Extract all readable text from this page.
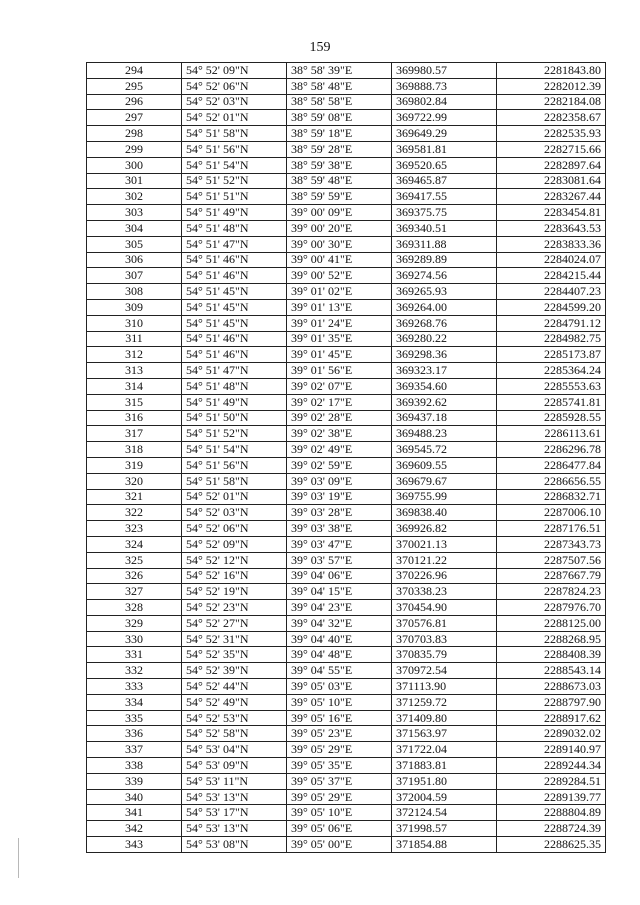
159
294	54° 52' 09"N	38° 58' 39"E	369980.57	2281843.80
295	54° 52' 06"N	38° 58' 48"E	369888.73	2282012.39
296	54° 52' 03"N	38° 58' 58"E	369802.84	2282184.08
297	54° 52' 01"N	38° 59' 08"E	369722.99	2282358.67
298	54° 51' 58"N	38° 59' 18"E	369649.29	2282535.93
299	54° 51' 56"N	38° 59' 28"E	369581.81	2282715.66
300	54° 51' 54"N	38° 59' 38"E	369520.65	2282897.64
301	54° 51' 52"N	38° 59' 48"E	369465.87	2283081.64
302	54° 51' 51"N	38° 59' 59"E	369417.55	2283267.44
303	54° 51' 49"N	39° 00' 09"E	369375.75	2283454.81
304	54° 51' 48"N	39° 00' 20"E	369340.51	2283643.53
305	54° 51' 47"N	39° 00' 30"E	369311.88	2283833.36
306	54° 51' 46"N	39° 00' 41"E	369289.89	2284024.07
307	54° 51' 46"N	39° 00' 52"E	369274.56	2284215.44
308	54° 51' 45"N	39° 01' 02"E	369265.93	2284407.23
309	54° 51' 45"N	39° 01' 13"E	369264.00	2284599.20
310	54° 51' 45"N	39° 01' 24"E	369268.76	2284791.12
311	54° 51' 46"N	39° 01' 35"E	369280.22	2284982.75
312	54° 51' 46"N	39° 01' 45"E	369298.36	2285173.87
313	54° 51' 47"N	39° 01' 56"E	369323.17	2285364.24
314	54° 51' 48"N	39° 02' 07"E	369354.60	2285553.63
315	54° 51' 49"N	39° 02' 17"E	369392.62	2285741.81
316	54° 51' 50"N	39° 02' 28"E	369437.18	2285928.55
317	54° 51' 52"N	39° 02' 38"E	369488.23	2286113.61
318	54° 51' 54"N	39° 02' 49"E	369545.72	2286296.78
319	54° 51' 56"N	39° 02' 59"E	369609.55	2286477.84
320	54° 51' 58"N	39° 03' 09"E	369679.67	2286656.55
321	54° 52' 01"N	39° 03' 19"E	369755.99	2286832.71
322	54° 52' 03"N	39° 03' 28"E	369838.40	2287006.10
323	54° 52' 06"N	39° 03' 38"E	369926.82	2287176.51
324	54° 52' 09"N	39° 03' 47"E	370021.13	2287343.73
325	54° 52' 12"N	39° 03' 57"E	370121.22	2287507.56
326	54° 52' 16"N	39° 04' 06"E	370226.96	2287667.79
327	54° 52' 19"N	39° 04' 15"E	370338.23	2287824.23
328	54° 52' 23"N	39° 04' 23"E	370454.90	2287976.70
329	54° 52' 27"N	39° 04' 32"E	370576.81	2288125.00
330	54° 52' 31"N	39° 04' 40"E	370703.83	2288268.95
331	54° 52' 35"N	39° 04' 48"E	370835.79	2288408.39
332	54° 52' 39"N	39° 04' 55"E	370972.54	2288543.14
333	54° 52' 44"N	39° 05' 03"E	371113.90	2288673.03
334	54° 52' 49"N	39° 05' 10"E	371259.72	2288797.90
335	54° 52' 53"N	39° 05' 16"E	371409.80	2288917.62
336	54° 52' 58"N	39° 05' 23"E	371563.97	2289032.02
337	54° 53' 04"N	39° 05' 29"E	371722.04	2289140.97
338	54° 53' 09"N	39° 05' 35"E	371883.81	2289244.34
339	54° 53' 11"N	39° 05' 37"E	371951.80	2289284.51
340	54° 53' 13"N	39° 05' 29"E	372004.59	2289139.77
341	54° 53' 17"N	39° 05' 10"E	372124.54	2288804.89
342	54° 53' 13"N	39° 05' 06"E	371998.57	2288724.39
343	54° 53' 08"N	39° 05' 00"E	371854.88	2288625.35
